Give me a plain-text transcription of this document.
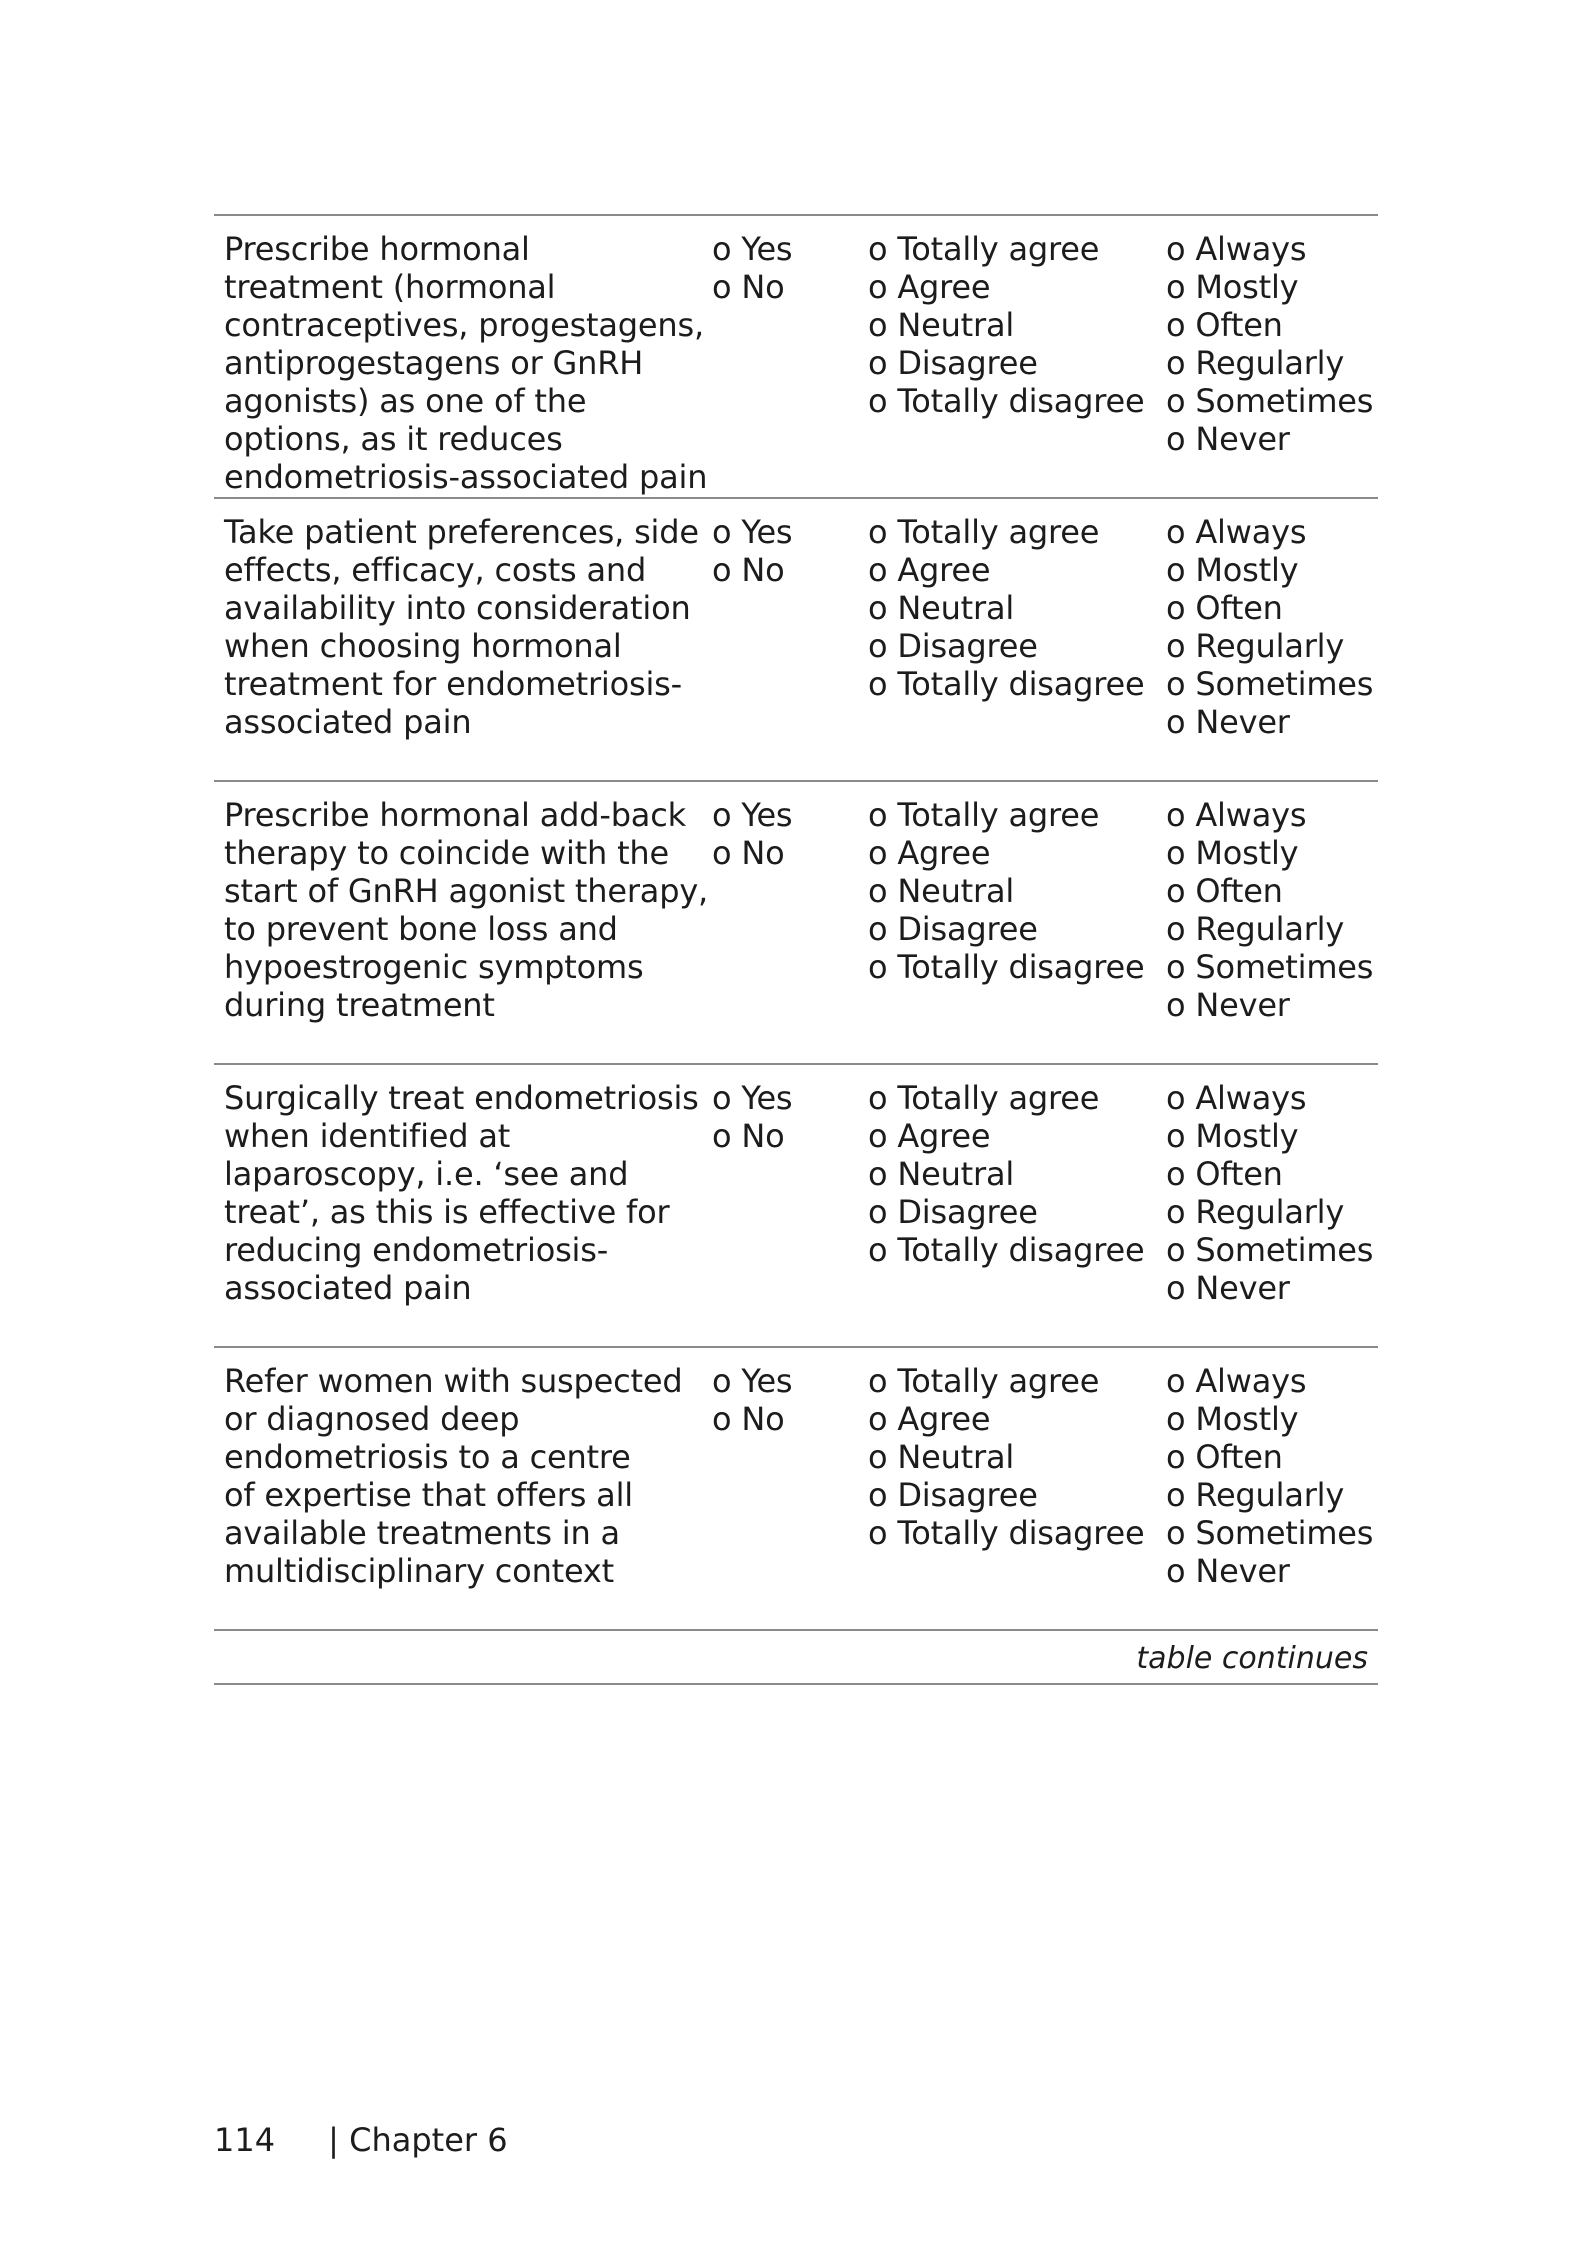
Prescribe hormonal
treatment (hormonal
contraceptives, progestagens,
antiprogestagens or GnRH
agonists) as one of the
options, as it reduces
endometriosis-associated pain
o Yes
o No
o Totally agree
o Agree
o Neutral
o Disagree
o Totally disagree
o Always
o Mostly
o Often
o Regularly
o Sometimes
o Never
Take patient preferences, side
effects, efficacy, costs and
availability into consideration
when choosing hormonal
treatment for endometriosis-
associated pain
o Yes
o No
o Totally agree
o Agree
o Neutral
o Disagree
o Totally disagree
o Always
o Mostly
o Often
o Regularly
o Sometimes
o Never
Prescribe hormonal add-back
therapy to coincide with the
start of GnRH agonist therapy,
to prevent bone loss and
hypoestrogenic symptoms
during treatment
o Yes
o No
o Totally agree
o Agree
o Neutral
o Disagree
o Totally disagree
o Always
o Mostly
o Often
o Regularly
o Sometimes
o Never
Surgically treat endometriosis
when identified at
laparoscopy, i.e. ‘see and
treat’, as this is effective for
reducing endometriosis-
associated pain
o Yes
o No
o Totally agree
o Agree
o Neutral
o Disagree
o Totally disagree
o Always
o Mostly
o Often
o Regularly
o Sometimes
o Never
Refer women with suspected
or diagnosed deep
endometriosis to a centre
of expertise that offers all
available treatments in a
multidisciplinary context
o Yes
o No
o Totally agree
o Agree
o Neutral
o Disagree
o Totally disagree
o Always
o Mostly
o Often
o Regularly
o Sometimes
o Never
table continues
114 | Chapter 6
